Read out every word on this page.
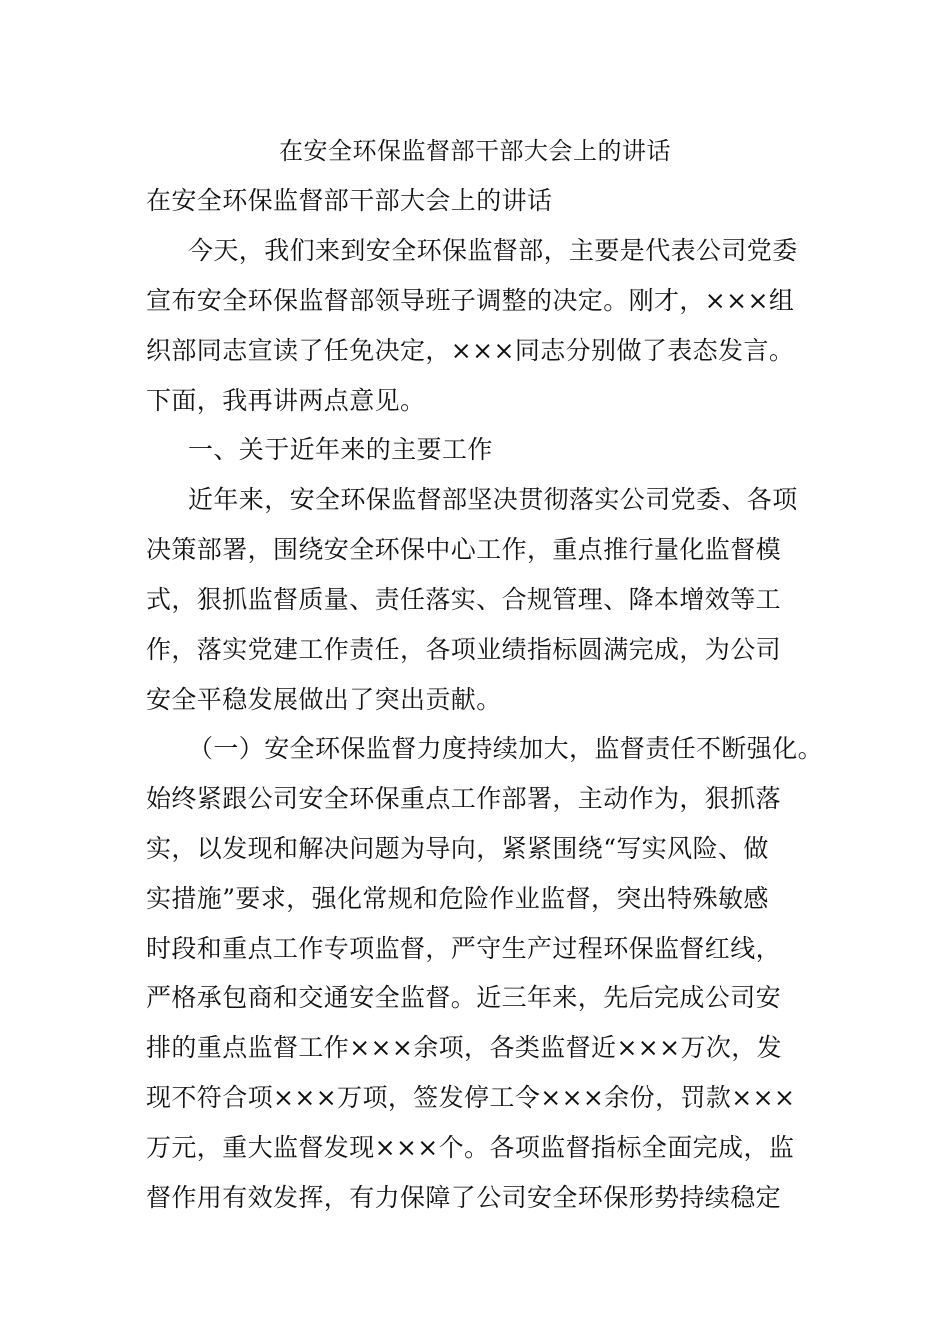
在安全环保监督部干部大会上的讲话
在安全环保监督部干部大会上的讲话
今天，我们来到安全环保监督部，主要是代表公司党委
宣布安全环保监督部领导班子调整的决定。刚才，×××组
织部同志宣读了任免决定，×××同志分别做了表态发言。
下面，我再讲两点意见。
一、关于近年来的主要工作
近年来，安全环保监督部坚决贯彻落实公司党委、各项
决策部署，围绕安全环保中心工作，重点推行量化监督模
式，狠抓监督质量、责任落实、合规管理、降本增效等工
作，落实党建工作责任，各项业绩指标圆满完成，为公司
安全平稳发展做出了突出贡献。
（一）安全环保监督力度持续加大，监督责任不断强化。
始终紧跟公司安全环保重点工作部署，主动作为，狠抓落
实，以发现和解决问题为导向，紧紧围绕“写实风险、做
实措施”要求，强化常规和危险作业监督，突出特殊敏感
时段和重点工作专项监督，严守生产过程环保监督红线，
严格承包商和交通安全监督。近三年来，先后完成公司安
排的重点监督工作×××余项，各类监督近×××万次，发
现不符合项×××万项，签发停工令×××余份，罚款×××
万元，重大监督发现×××个。各项监督指标全面完成，监
督作用有效发挥，有力保障了公司安全环保形势持续稳定
